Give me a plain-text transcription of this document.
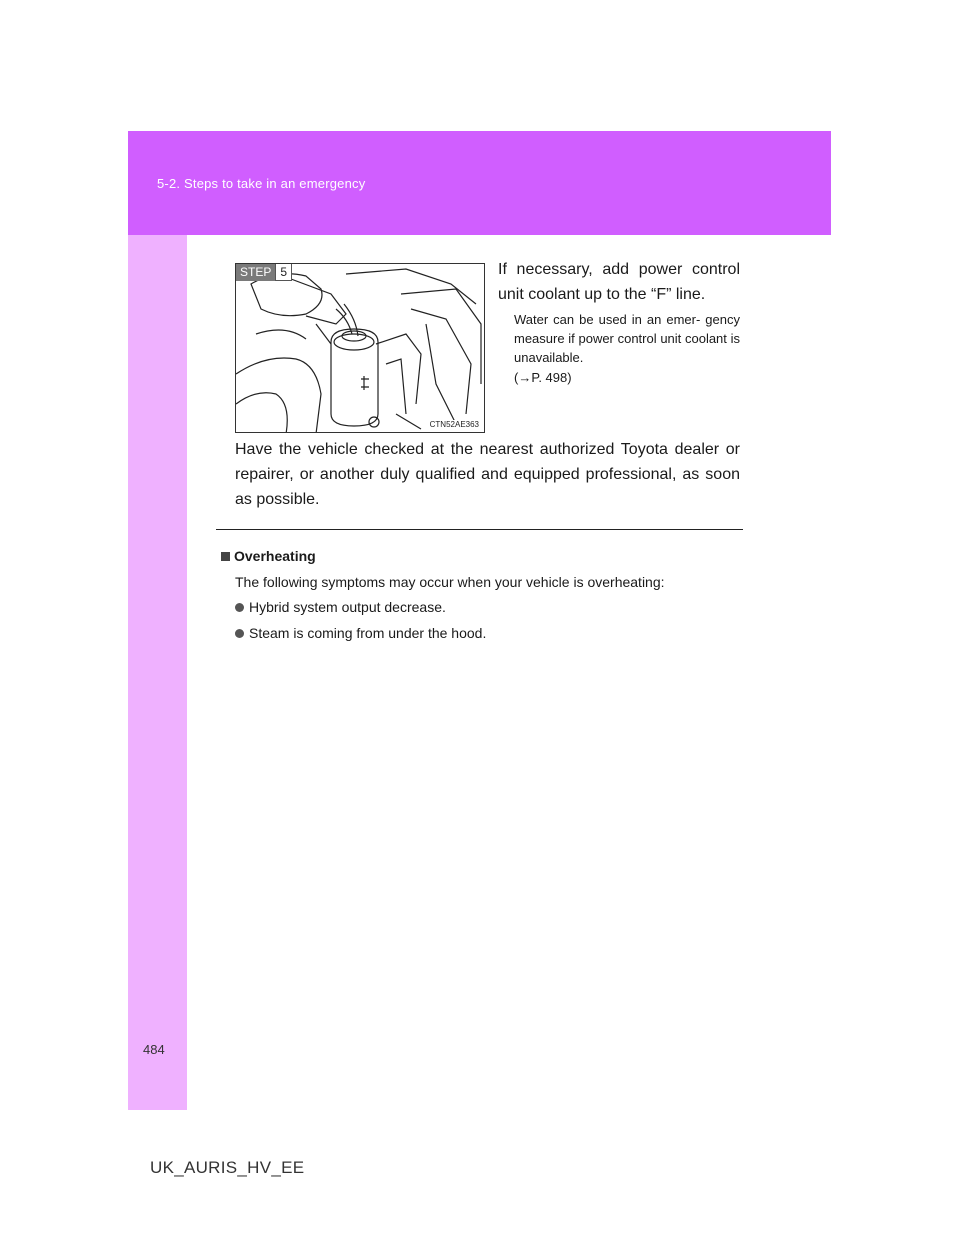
5-2. Steps to take in an emergency
STEP 5
CTN52AE363
If necessary, add power control unit coolant up to the “F” line.
Water can be used in an emer- gency measure if power control unit coolant is unavailable.
(→P. 498)
Have the vehicle checked at the nearest authorized Toyota dealer or repairer, or another duly qualified and equipped professional, as soon as possible.
Overheating
The following symptoms may occur when your vehicle is overheating:
Hybrid system output decrease.
Steam is coming from under the hood.
484
UK_AURIS_HV_EE
